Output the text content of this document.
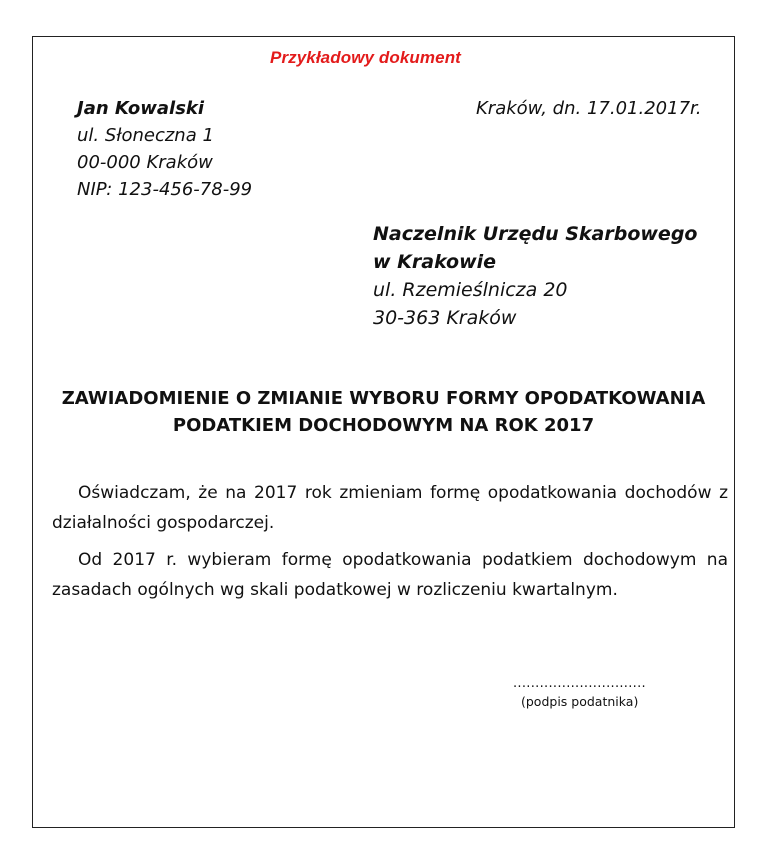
Przykładowy dokument
Jan Kowalski
ul. Słoneczna 1
00-000 Kraków
NIP: 123-456-78-99
Kraków, dn. 17.01.2017r.
Naczelnik Urzędu Skarbowego
w Krakowie
ul. Rzemieślnicza 20
30-363 Kraków
ZAWIADOMIENIE O ZMIANIE WYBORU FORMY OPODATKOWANIA
PODATKIEM DOCHODOWYM NA ROK 2017

Oświadczam, że na 2017 rok zmieniam formę opodatkowania dochodów z działalności gospodarczej.

Od 2017 r. wybieram formę opodatkowania podatkiem dochodowym na zasadach ogólnych wg skali podatkowej w rozliczeniu kwartalnym.

..............................
(podpis podatnika)
